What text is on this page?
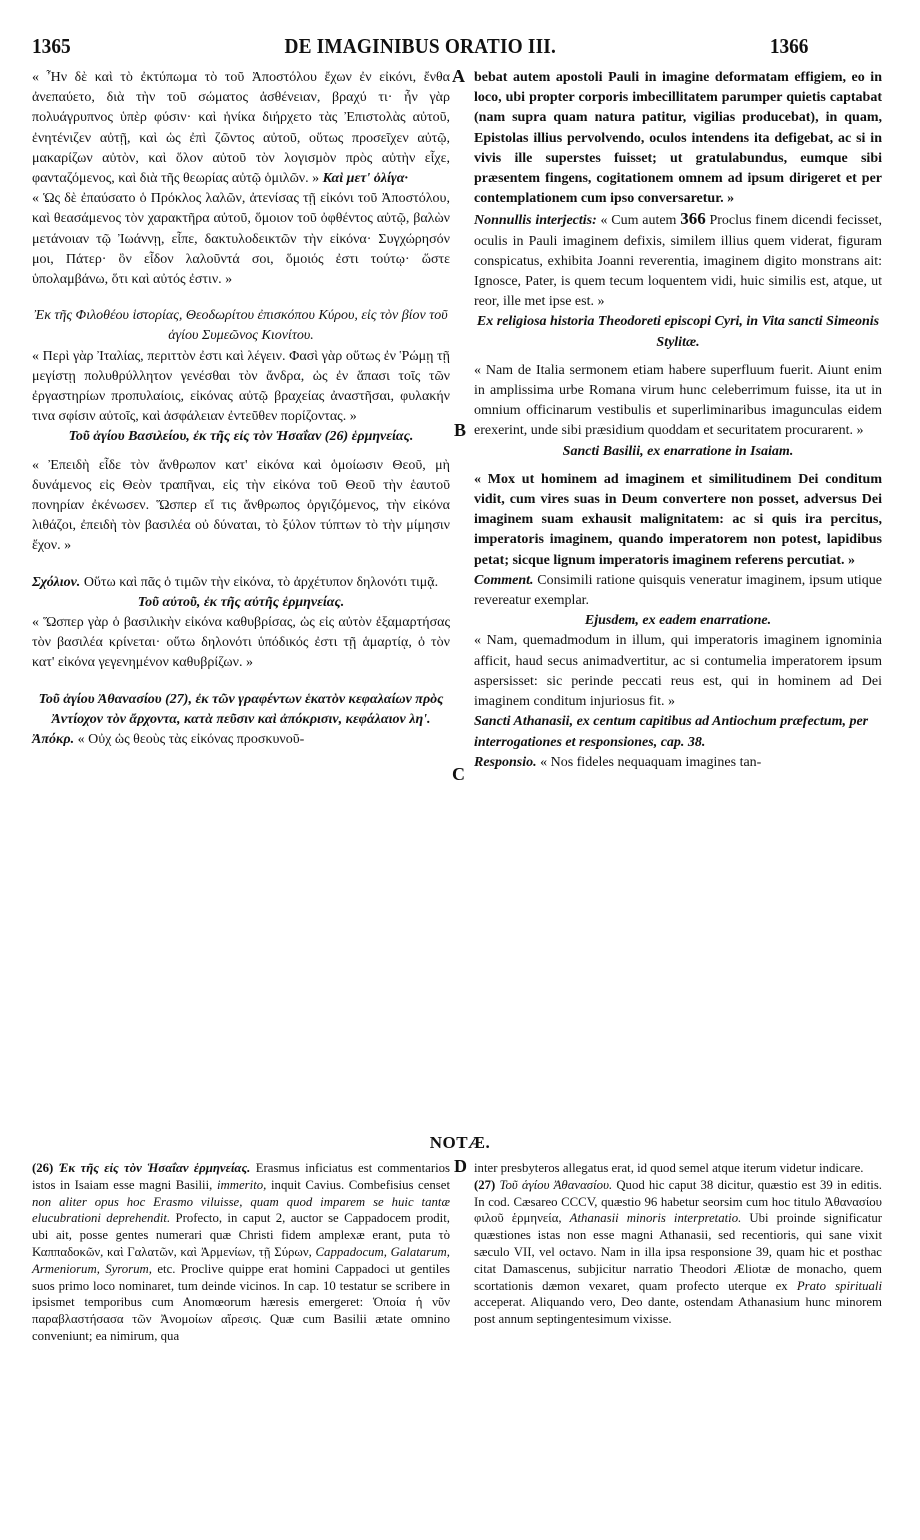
1365	DE IMAGINIBUS ORATIO III.	1366
A
B
C
D

« Ἦν δὲ καὶ τὸ ἐκτύπωμα τὸ τοῦ Ἀποστόλου ἔχων ἐν εἰκόνι, ἔνθα ἀνεπαύετο, διὰ τὴν τοῦ σώματος ἀσθένειαν, βραχύ τι· ἦν γὰρ πολυάγρυπνος ὑπὲρ φύσιν· καὶ ἡνίκα διήρχετο τὰς Ἐπιστολὰς αὐτοῦ, ἐνητένιζεν αὐτῇ, καὶ ὡς ἐπὶ ζῶντος αὐτοῦ, οὕτως προσεῖχεν αὐτῷ, μακαρίζων αὐτὸν, καὶ ὅλον αὐτοῦ τὸν λογισμὸν πρὸς αὐτὴν εἶχε, φανταζόμενος, καὶ διὰ τῆς θεωρίας αὐτῷ ὁμιλῶν. » Καὶ μετ' ὀλίγα·

« Ὡς δὲ ἐπαύσατο ὁ Πρόκλος λαλῶν, ἀτενίσας τῇ εἰκόνι τοῦ Ἀποστόλου, καὶ θεασάμενος τὸν χαρακτῆρα αὐτοῦ, ὅμοιον τοῦ ὀφθέντος αὐτῷ, βαλὼν μετάνοιαν τῷ Ἰωάννῃ, εἶπε, δακτυλοδεικτῶν τὴν εἰκόνα· Συγχώρησόν μοι, Πάτερ· ὃν εἶδον λαλοῦντά σοι, ὅμοιός ἐστι τούτῳ· ὥστε ὑπολαμβάνω, ὅτι καὶ αὐτός ἐστιν. »

Ἐκ τῆς Φιλοθέου ἱστορίας, Θεοδωρίτου ἐπισκόπου Κύρου, εἰς τὸν βίον τοῦ ἁγίου Συμεῶνος Κιονίτου.

« Περὶ γὰρ Ἰταλίας, περιττὸν ἐστι καὶ λέγειν. Φασὶ γὰρ οὕτως ἐν Ῥώμῃ τῇ μεγίστῃ πολυθρύλλητον γενέσθαι τὸν ἄνδρα, ὡς ἐν ἅπασι τοῖς τῶν ἐργαστηρίων προπυλαίοις, εἰκόνας αὐτῷ βραχείας ἀναστῆσαι, φυλακήν τινα σφίσιν αὐτοῖς, καὶ ἀσφάλειαν ἐντεῦθεν πορίζοντας. »

Τοῦ ἁγίου Βασιλείου, ἐκ τῆς εἰς τὸν Ἡσαΐαν (26) ἑρμηνείας.

« Ἐπειδὴ εἶδε τὸν ἄνθρωπον κατ' εἰκόνα καὶ ὁμοίωσιν Θεοῦ, μὴ δυνάμενος εἰς Θεὸν τραπῆναι, εἰς τὴν εἰκόνα τοῦ Θεοῦ τὴν ἑαυτοῦ πονηρίαν ἐκένωσεν. Ὥσπερ εἴ τις ἄνθρωπος ὀργιζόμενος, τὴν εἰκόνα λιθάζοι, ἐπειδὴ τὸν βασιλέα οὐ δύναται, τὸ ξύλον τύπτων τὸ τὴν μίμησιν ἔχον. »

Σχόλιον. Οὕτω καὶ πᾶς ὁ τιμῶν τὴν εἰκόνα, τὸ ἀρχέτυπον δηλονότι τιμᾷ.

Τοῦ αὐτοῦ, ἐκ τῆς αὐτῆς ἑρμηνείας.

« Ὥσπερ γὰρ ὁ βασιλικὴν εἰκόνα καθυβρίσας, ὡς εἰς αὐτὸν ἐξαμαρτήσας τὸν βασιλέα κρίνεται· οὕτω δηλονότι ὑπόδικός ἐστι τῇ ἁμαρτίᾳ, ὁ τὸν κατ' εἰκόνα γεγενημένον καθυβρίζων. »

Τοῦ ἁγίου Ἀθανασίου (27), ἐκ τῶν γραφέντων ἑκατὸν κεφαλαίων πρὸς Ἀντίοχον τὸν ἄρχοντα, κατὰ πεῦσιν καὶ ἀπόκρισιν, κεφάλαιον λη'.

Ἀπόκρ. « Οὐχ ὡς θεοὺς τὰς εἰκόνας προσκυνοῦ-

bebat autem apostoli Pauli in imagine deformatam effigiem, eo in loco, ubi propter corporis imbecillitatem parumper quietis captabat (nam supra quam natura patitur, vigilias producebat), in quam, Epistolas illius pervolvendo, oculos intendens ita defigebat, ac si in vivis ille superstes fuisset; ut gratulabundus, eumque sibi præsentem fingens, cogitationem omnem ad ipsum dirigeret et per contemplationem cum ipso conversaretur. »

Nonnullis interjectis: « Cum autem 366 Proclus finem dicendi fecisset, oculis in Pauli imaginem defixis, similem illius quem viderat, figuram conspicatus, exhibita Joanni reverentia, imaginem digito monstrans ait: Ignosce, Pater, is quem tecum loquentem vidi, huic similis est, atque, ut reor, ille met ipse est. »

Ex religiosa historia Theodoreti episcopi Cyri, in Vita sancti Simeonis Stylitæ.

« Nam de Italia sermonem etiam habere superfluum fuerit. Aiunt enim in amplissima urbe Romana virum hunc celeberrimum fuisse, ita ut in omnium officinarum vestibulis et superliminaribus imagunculas eidem erexerint, unde sibi præsidium quoddam et securitatem procurarent. »

Sancti Basilii, ex enarratione in Isaiam.

« Mox ut hominem ad imaginem et similitudinem Dei conditum vidit, cum vires suas in Deum convertere non posset, adversus Dei imaginem suam exhausit malignitatem: ac si quis ira percitus, imperatoris imaginem, quando imperatorem non potest, lapidibus petat; sicque lignum imperatoris imaginem referens percutiat. »

Comment. Consimili ratione quisquis veneratur imaginem, ipsum utique revereatur exemplar.

Ejusdem, ex eadem enarratione.

« Nam, quemadmodum in illum, qui imperatoris imaginem ignominia afficit, haud secus animadvertitur, ac si contumelia imperatorem ipsum aspersisset: sic perinde peccati reus est, qui in hominem ad Dei imaginem conditum injuriosus fit. »

Sancti Athanasii, ex centum capitibus ad Antiochum præfectum, per interrogationes et responsiones, cap. 38.

Responsio. « Nos fideles nequaquam imagines tan-

NOTÆ.

(26) Ἐκ τῆς εἰς τὸν Ἡσαΐαν ἑρμηνείας. Erasmus inficiatus est commentarios istos in Isaiam esse magni Basilii, immerito, inquit Cavius. Combefisius censet non aliter opus hoc Erasmo viluisse, quam quod imparem se huic tantæ elucubrationi deprehendit. Profecto, in caput 2, auctor se Cappadocem prodit, ubi ait, posse gentes numerari quæ Christi fidem amplexæ erant, puta τὸ Καππαδοκῶν, καὶ Γαλατῶν, καὶ Ἀρμενίων, τῇ Σύρων, Cappadocum, Galatarum, Armeniorum, Syrorum, etc. Proclive quippe erat homini Cappadoci ut gentiles suos primo loco nominaret, tum deinde vicinos. In cap. 10 testatur se scribere in ipsismet temporibus cum Anomœorum hæresis emergeret: Ὁποία ἡ νῦν παραβλαστήσασα τῶν Ἀνομοίων αἵρεσις. Quæ cum Basilii ætate omnino conveniunt; ea nimirum, qua

inter presbyteros allegatus erat, id quod semel atque iterum videtur indicare.

(27) Τοῦ ἁγίου Ἀθανασίου. Quod hic caput 38 dicitur, quæstio est 39 in editis. In cod. Cæsareo CCCV, quæstio 96 habetur seorsim cum hoc titulo Ἀθανασίου φιλοῦ ἑρμηνεία, Athanasii minoris interpretatio. Ubi proinde significatur quæstiones istas non esse magni Athanasii, sed recentioris, qui sane vixit sæculo VII, vel octavo. Nam in illa ipsa responsione 39, quam hic et posthac citat Damascenus, subjicitur narratio Theodori Æliotæ de monacho, quem scortationis dæmon vexaret, quam profecto uterque ex Prato spirituali acceperat. Aliquando vero, Deo dante, ostendam Athanasium hunc minorem post annum septingentesimum vixisse.
